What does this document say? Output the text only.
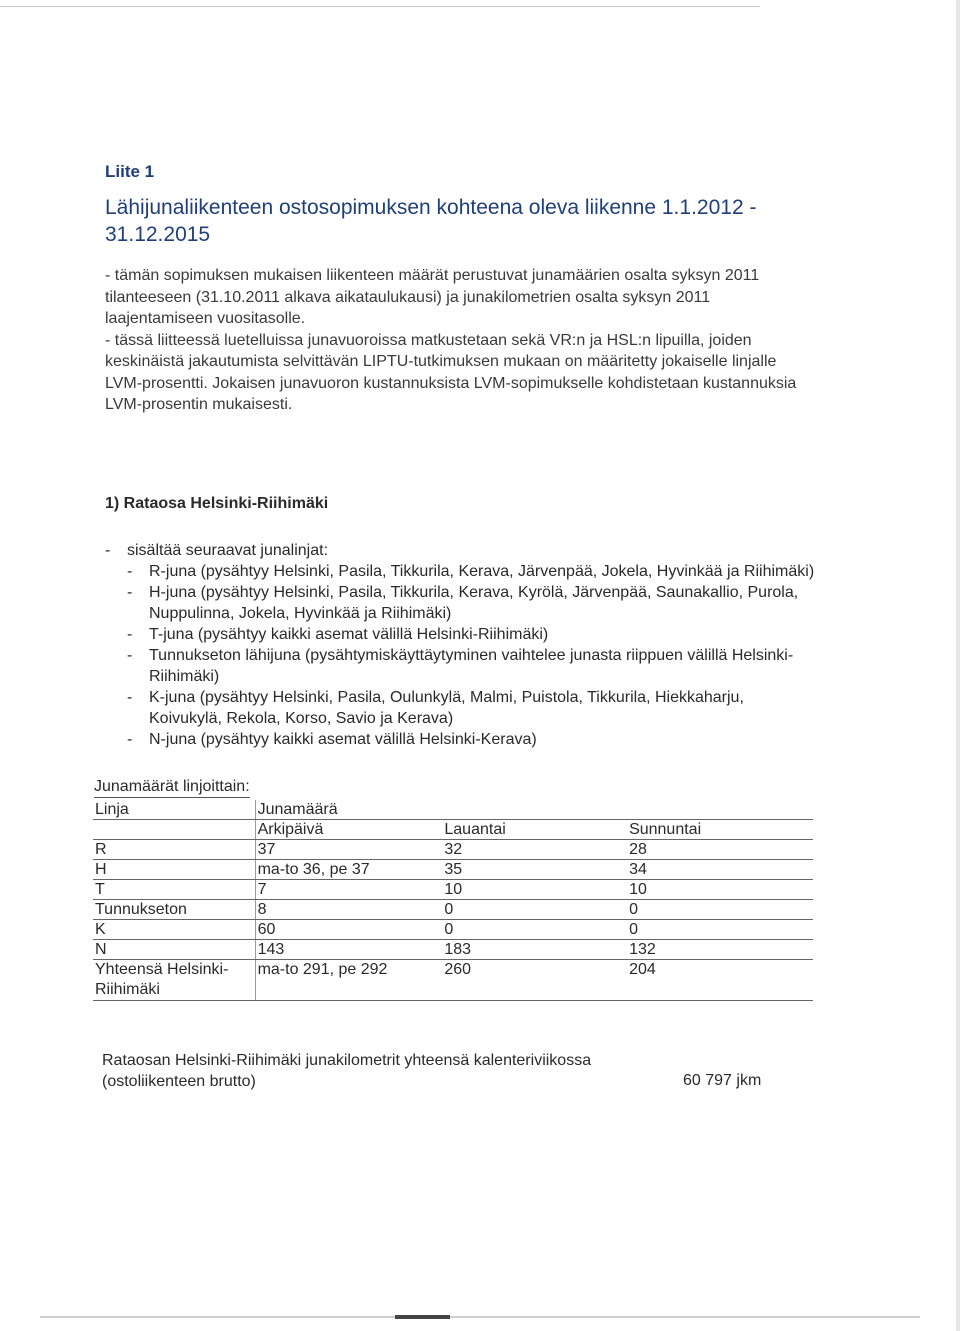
Liite 1
Lähijunaliikenteen ostosopimuksen kohteena oleva liikenne 1.1.2012 - 31.12.2015

- tämän sopimuksen mukaisen liikenteen määrät perustuvat junamäärien osalta syksyn 2011 tilanteeseen (31.10.2011 alkava aikataulukausi) ja junakilometrien osalta syksyn 2011 laajentamiseen vuositasolle.

- tässä liitteessä luetelluissa junavuoroissa matkustetaan sekä VR:n ja HSL:n lipuilla, joiden keskinäistä jakautumista selvittävän LIPTU-tutkimuksen mukaan on määritetty jokaiselle linjalle LVM-prosentti. Jokaisen junavuoron kustannuksista LVM-sopimukselle kohdistetaan kustannuksia LVM-prosentin mukaisesti.

1) Rataosa Helsinki-Riihimäki
- sisältää seuraavat junalinjat:
- R-juna (pysähtyy Helsinki, Pasila, Tikkurila, Kerava, Järvenpää, Jokela, Hyvinkää ja Riihimäki)
- H-juna (pysähtyy Helsinki, Pasila, Tikkurila, Kerava, Kyrölä, Järvenpää, Saunakallio, Purola, Nuppulinna, Jokela, Hyvinkää ja Riihimäki)
- T-juna (pysähtyy kaikki asemat välillä Helsinki-Riihimäki)
- Tunnukseton lähijuna (pysähtymiskäyttäytyminen vaihtelee junasta riippuen välillä Helsinki-Riihimäki)
- K-juna (pysähtyy Helsinki, Pasila, Oulunkylä, Malmi, Puistola, Tikkurila, Hiekkaharju, Koivukylä, Rekola, Korso, Savio ja Kerava)
- N-juna (pysähtyy kaikki asemat välillä Helsinki-Kerava)
Junamäärät linjoittain:
Linja	Junamäärä		
	Arkipäivä	Lauantai	Sunnuntai
R	37	32	28
H	ma-to 36, pe 37	35	34
T	7	10	10
Tunnukseton	8	0	0
K	60	0	0
N	143	183	132
Yhteensä Helsinki-Riihimäki	ma-to 291, pe 292	260	204
Rataosan Helsinki-Riihimäki junakilometrit yhteensä kalenteriviikossa (ostoliikenteen brutto)	60 797 jkm
